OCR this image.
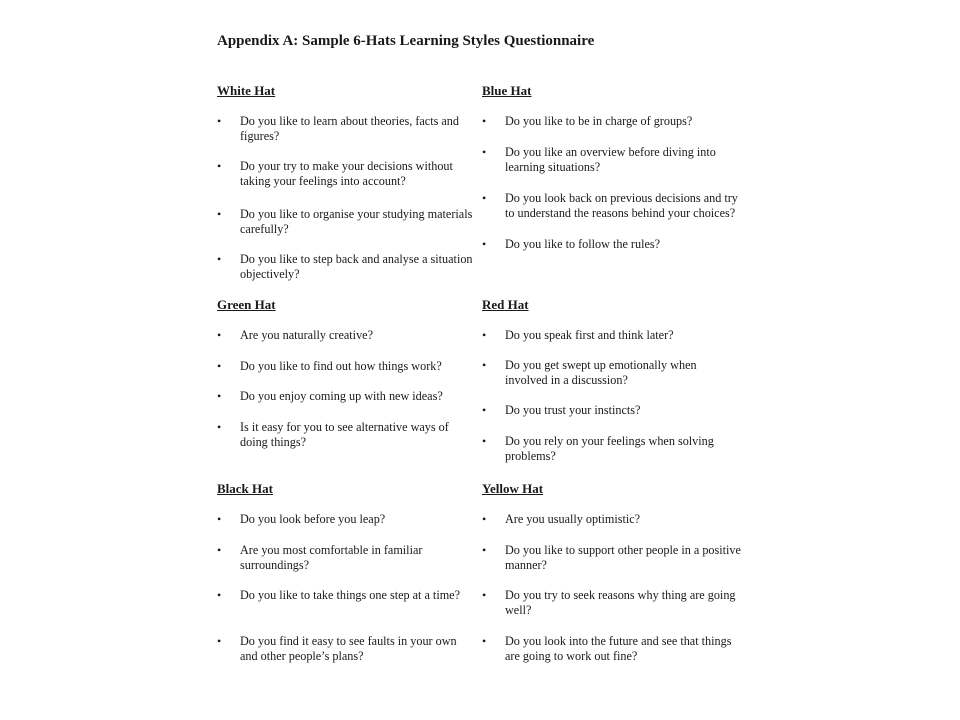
Appendix A: Sample 6-Hats Learning Styles Questionnaire
White Hat
•	Do you like to learn about theories, facts and figures?
•	Do your try to make your decisions without taking your feelings into account?
•	Do you like to organise your studying materials carefully?
•	Do you like to step back and analyse a situation objectively?
Blue Hat
•	Do you like to be in charge of groups?
•	Do you like an overview before diving into learning situations?
•	Do you look back on previous decisions and try to understand the reasons behind your choices?
•	Do you like to follow the rules?
Green Hat
•	Are you naturally creative?
•	Do you like to find out how things work?
•	Do you enjoy coming up with new ideas?
•	Is it easy for you to see alternative ways of doing things?
Red Hat
•	Do you speak first and think later?
•	Do you get swept up emotionally when involved in a discussion?
•	Do you trust your instincts?
•	Do you rely on your feelings when solving problems?
Black Hat
•	Do you look before you leap?
•	Are you most comfortable in familiar surroundings?
•	Do you like to take things one step at a time?
•	Do you find it easy to see faults in your own and other people’s plans?
Yellow Hat
•	Are you usually optimistic?
•	Do you like to support other people in a positive manner?
•	Do you try to seek reasons why thing are going well?
•	Do you look into the future and see that things are going to work out fine?
